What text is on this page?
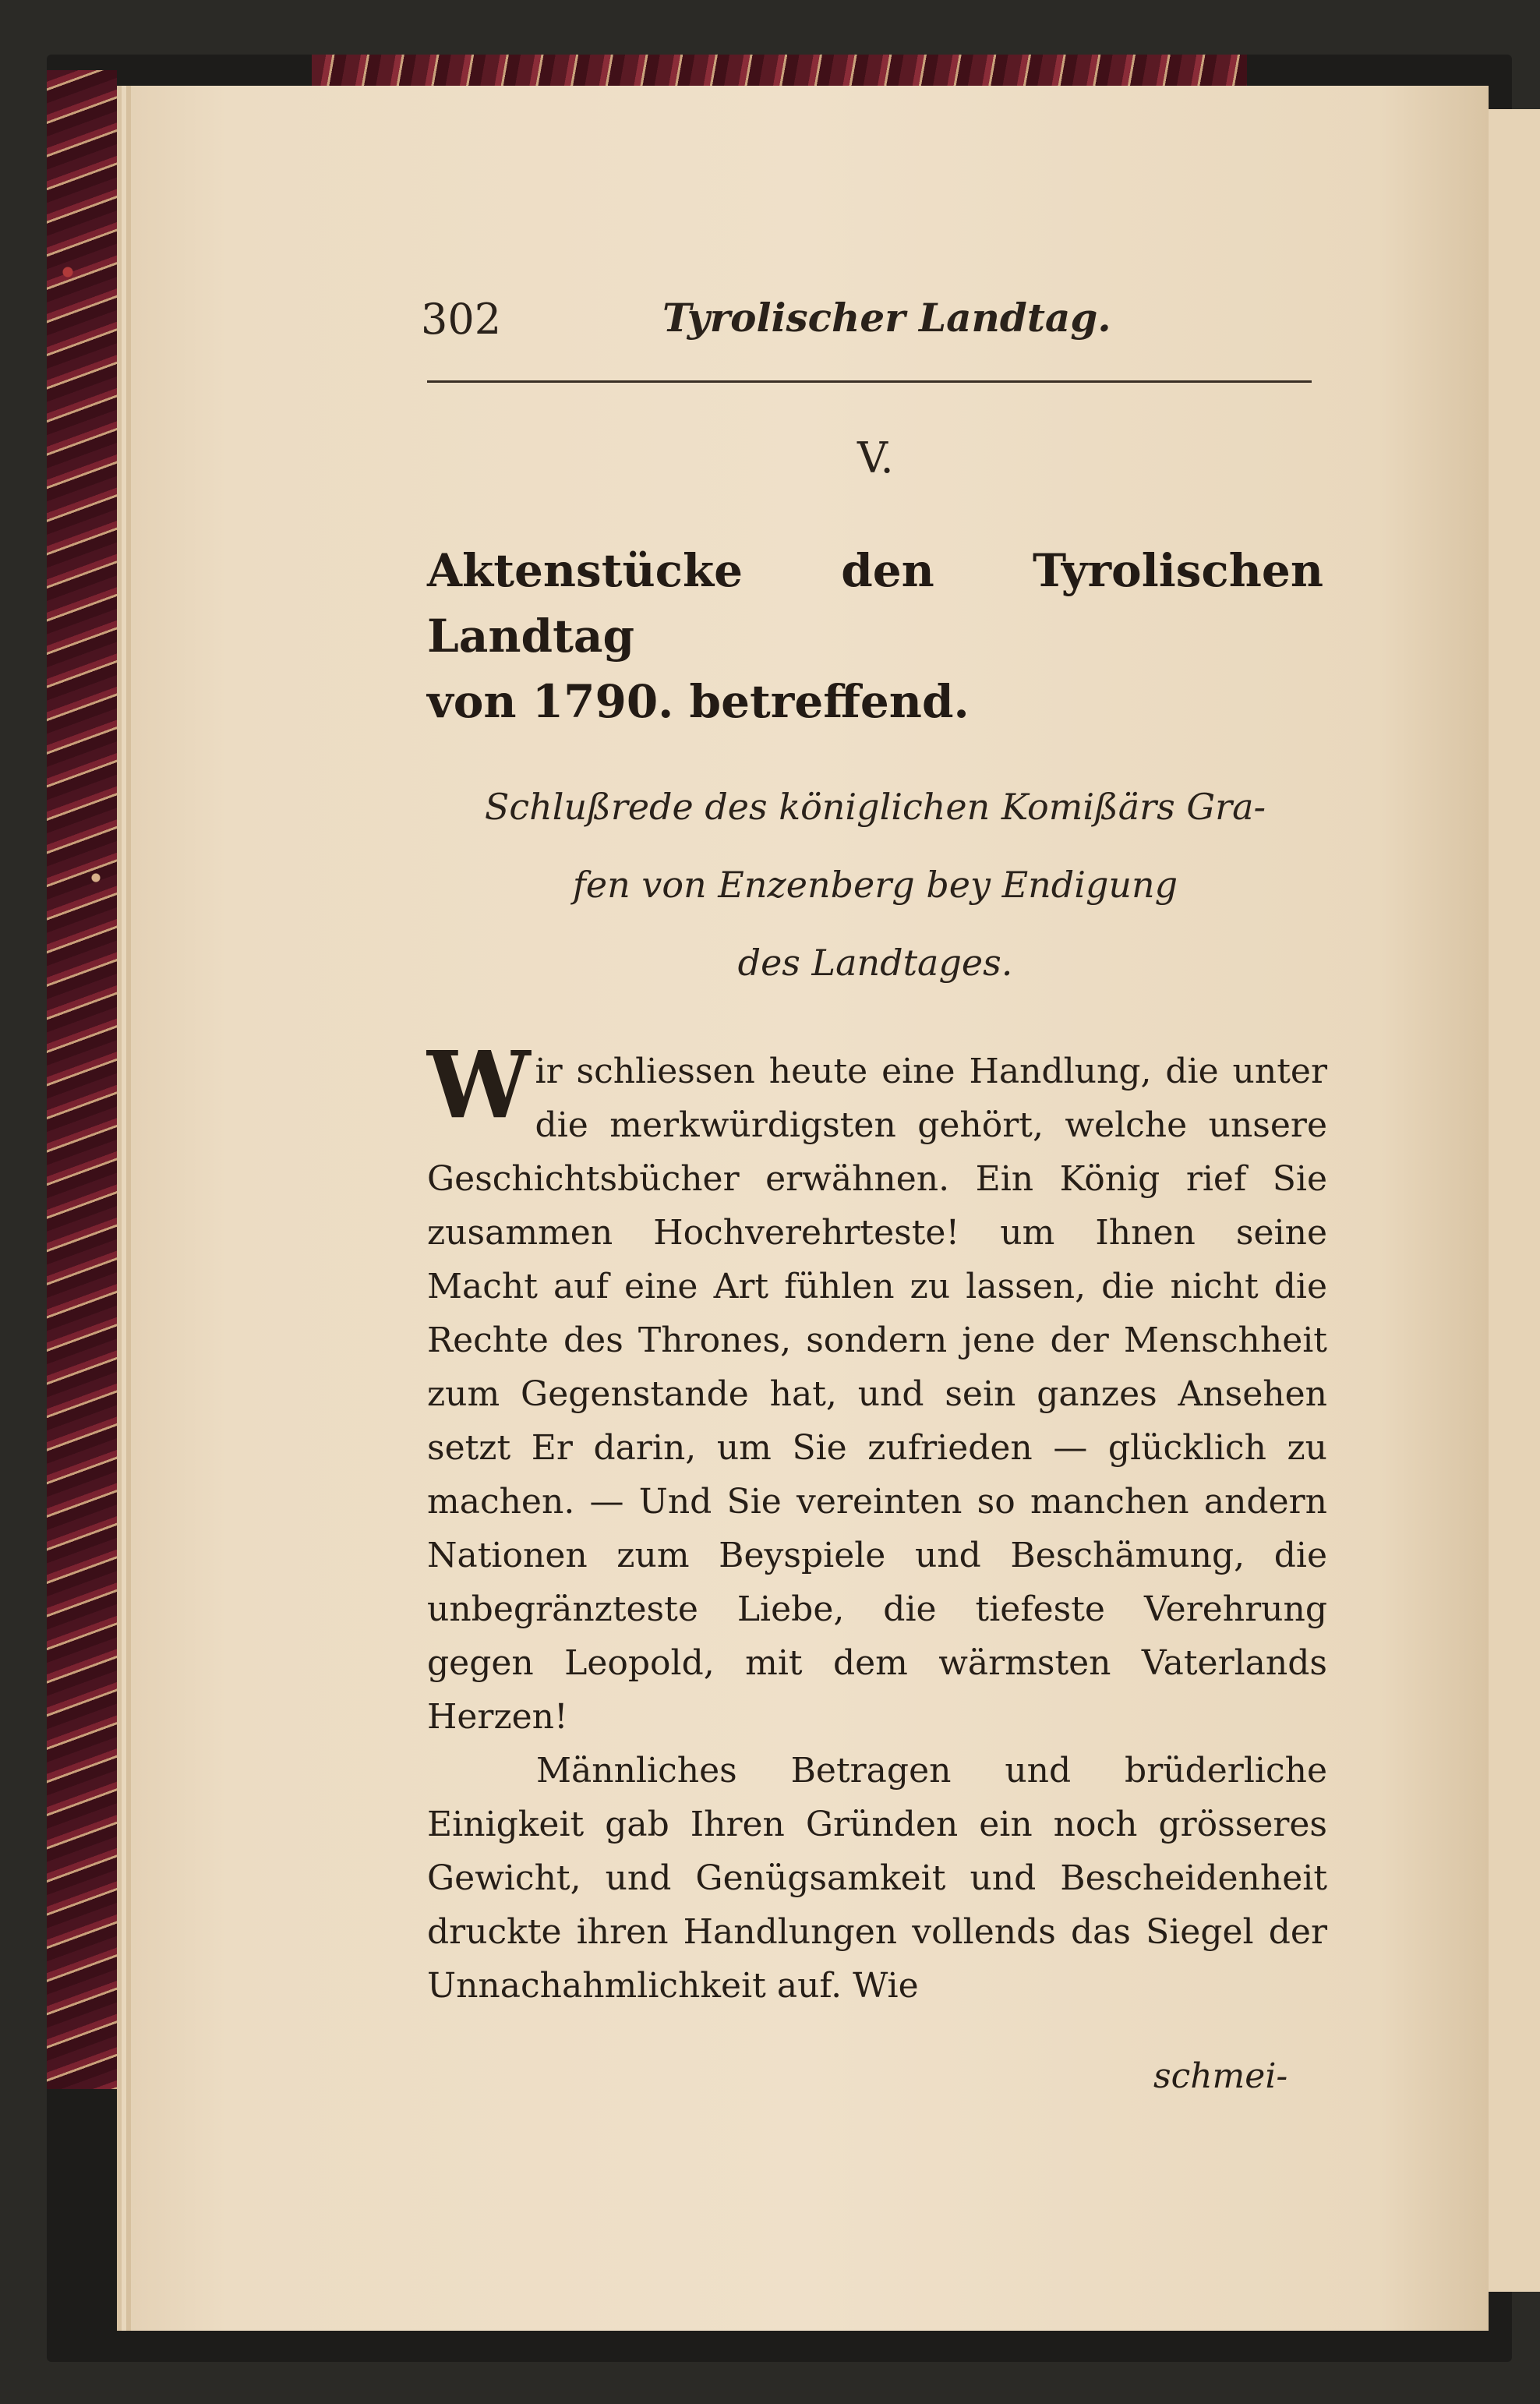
302	Tyrolischer Landtag.
V.
Aktenstücke den Tyrolischen Landtag
von 1790. betreffend.
Schlußrede des königlichen Komißärs Gra-
fen von Enzenberg bey Endigung
des Landtages.

Wir schliessen heute eine Handlung, die unter die merkwürdigsten gehört, welche unsere Geschichtsbücher erwähnen. Ein König rief Sie zusammen Hochverehrteste! um Ihnen seine Macht auf eine Art fühlen zu lassen, die nicht die Rechte des Thrones, sondern jene der Menschheit zum Gegenstande hat, und sein ganzes Ansehen setzt Er darin, um Sie zufrieden — glücklich zu machen. — Und Sie vereinten so manchen andern Nationen zum Beyspiele und Beschämung, die unbegränzteste Liebe, die tiefeste Verehrung gegen Leopold, mit dem wärmsten Vaterlands Herzen!

Männliches Betragen und brüderliche Einigkeit gab Ihren Gründen ein noch grösseres Gewicht, und Genügsamkeit und Bescheidenheit druckte ihren Handlungen vollends das Siegel der Unnachahmlichkeit auf. Wie

schmei-
